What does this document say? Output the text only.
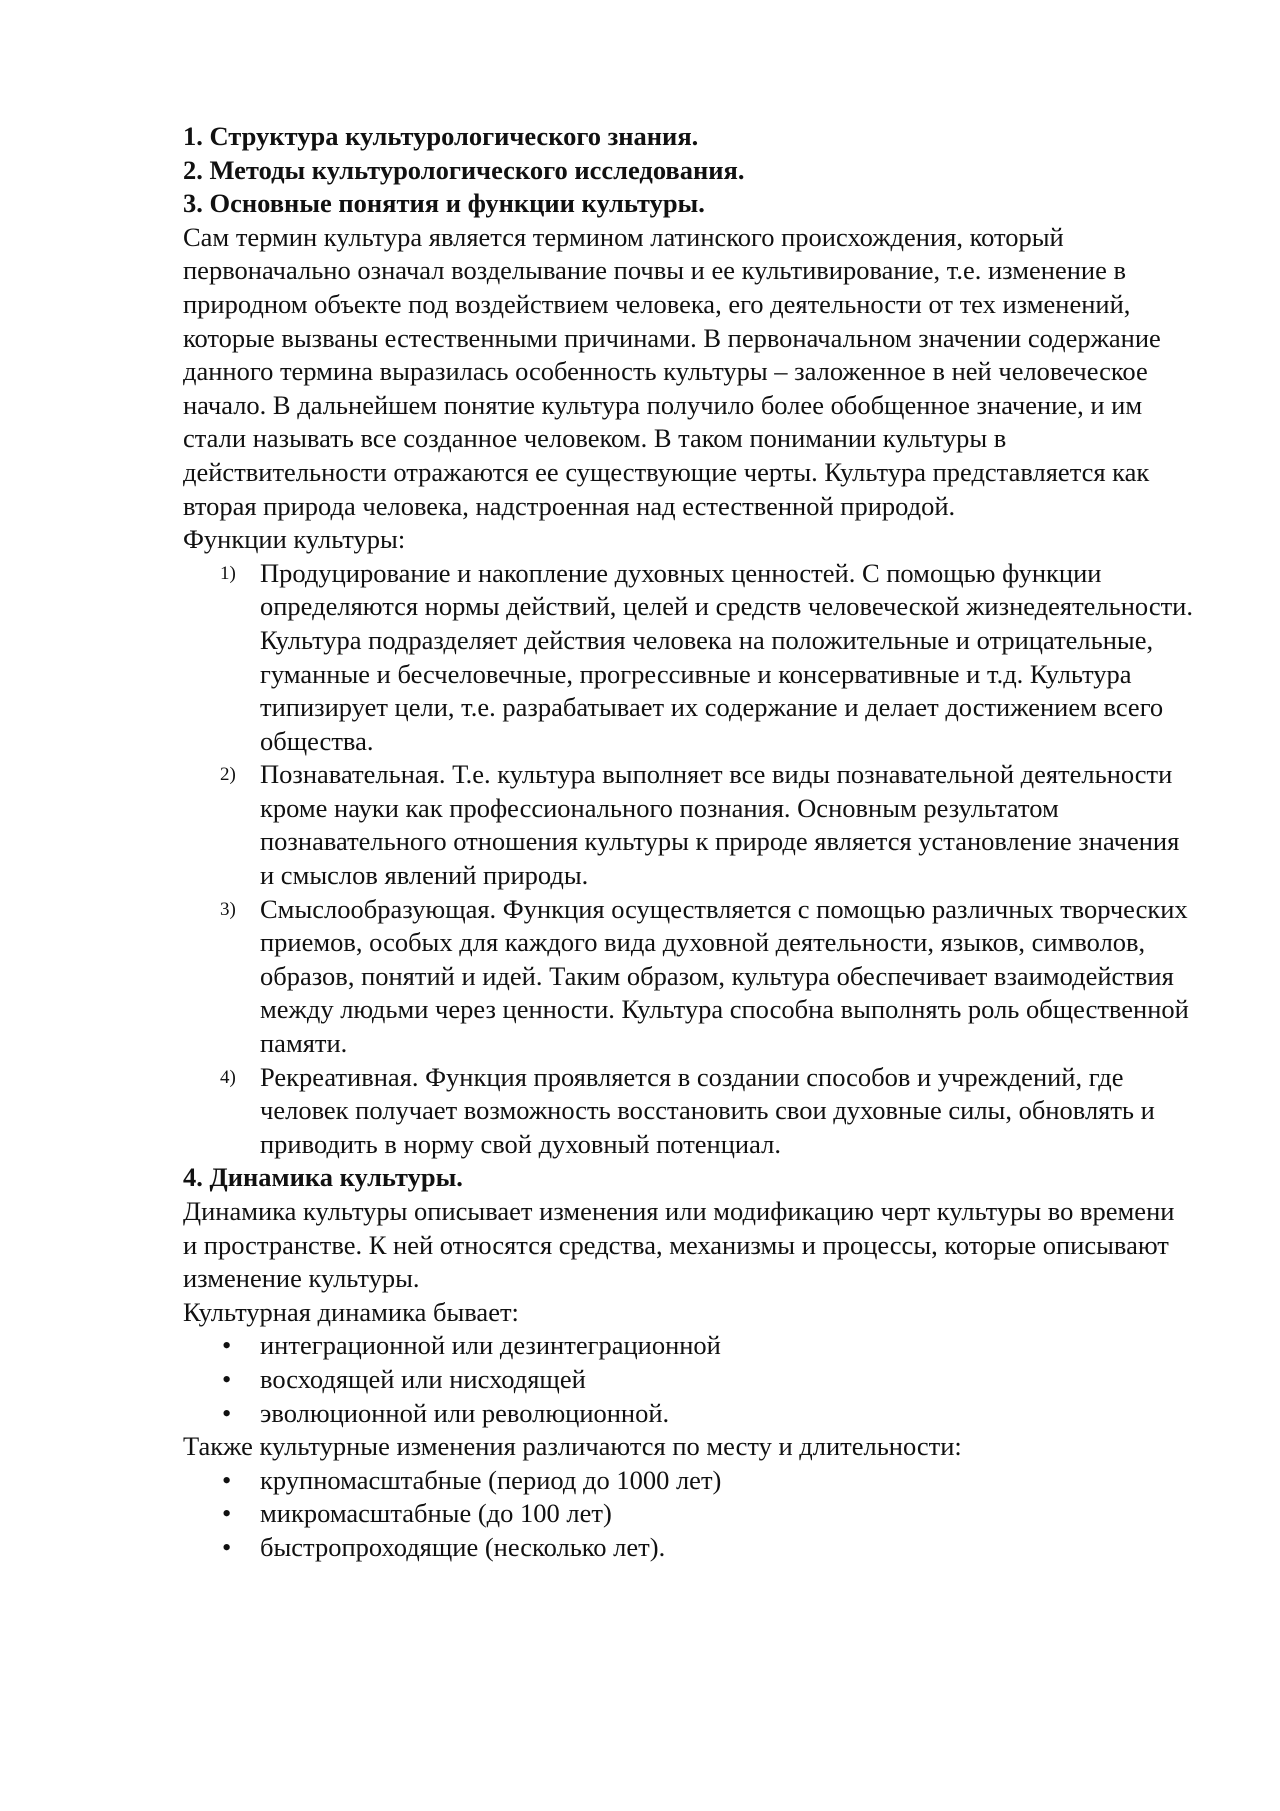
1. Структура культурологического знания.

2. Методы культурологического исследования.

3. Основные понятия и функции культуры.

Сам термин культура является термином латинского происхождения, который первоначально означал возделывание почвы и ее культивирование, т.е. изменение в природном объекте под воздействием человека, его деятельности от тех изменений, которые вызваны естественными причинами. В первоначальном значении содержание данного термина выразилась особенность культуры – заложенное в ней человеческое начало. В дальнейшем понятие культура получило более обобщенное значение, и им стали называть все созданное человеком. В таком понимании культуры в действительности отражаются ее существующие черты. Культура представляется как вторая природа человека, надстроенная над естественной природой.

Функции культуры:

1) Продуцирование и накопление духовных ценностей. С помощью функции определяются нормы действий, целей и средств человеческой жизнедеятельности. Культура подразделяет действия человека на положительные и отрицательные, гуманные и бесчеловечные, прогрессивные и консервативные и т.д. Культура типизирует цели, т.е. разрабатывает их содержание и делает достижением всего общества.
2) Познавательная. Т.е. культура выполняет все виды познавательной деятельности кроме науки как профессионального познания. Основным результатом познавательного отношения культуры к природе является установление значения и смыслов явлений природы.
3) Смыслообразующая. Функция осуществляется с помощью различных творческих приемов, особых для каждого вида духовной деятельности, языков, символов, образов, понятий и идей. Таким образом, культура обеспечивает взаимодействия между людьми через ценности. Культура способна выполнять роль общественной памяти.
4) Рекреативная. Функция проявляется в создании способов и учреждений, где человек получает возможность восстановить свои духовные силы, обновлять и приводить в норму свой духовный потенциал.

4. Динамика культуры.

Динамика культуры описывает изменения или модификацию черт культуры во времени и пространстве. К ней относятся средства, механизмы и процессы, которые описывают изменение культуры.

Культурная динамика бывает:

• интеграционной или дезинтеграционной
• восходящей или нисходящей
• эволюционной или революционной.

Также культурные изменения различаются по месту и длительности:

• крупномасштабные (период до 1000 лет)
• микромасштабные (до 100 лет)
• быстропроходящие (несколько лет).
